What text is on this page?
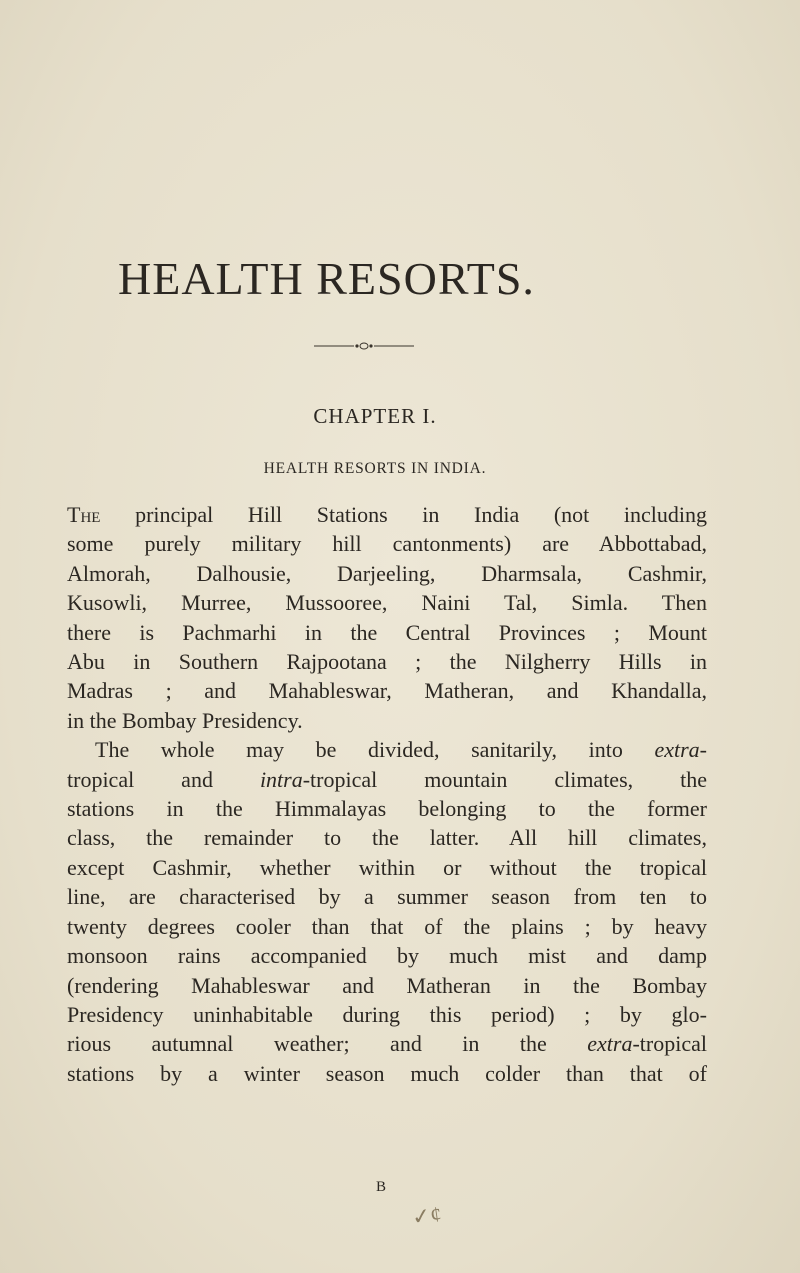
HEALTH RESORTS.
CHAPTER I.
HEALTH RESORTS IN INDIA.
The principal Hill Stations in India (not including
some purely military hill cantonments) are Abbottabad,
Almorah, Dalhousie, Darjeeling, Dharmsala, Cashmir,
Kusowli, Murree, Mussooree, Naini Tal, Simla. Then
there is Pachmarhi in the Central Provinces ; Mount
Abu in Southern Rajpootana ; the Nilgherry Hills in
Madras ; and Mahableswar, Matheran, and Khandalla,
in the Bombay Presidency.
The whole may be divided, sanitarily, into extra-
tropical and intra-tropical mountain climates, the
stations in the Himmalayas belonging to the former
class, the remainder to the latter. All hill climates,
except Cashmir, whether within or without the tropical
line, are characterised by a summer season from ten to
twenty degrees cooler than that of the plains ; by heavy
monsoon rains accompanied by much mist and damp
(rendering Mahableswar and Matheran in the Bombay
Presidency uninhabitable during this period) ; by glo-
rious autumnal weather; and in the extra-tropical
stations by a winter season much colder than that of
B
✓¢
